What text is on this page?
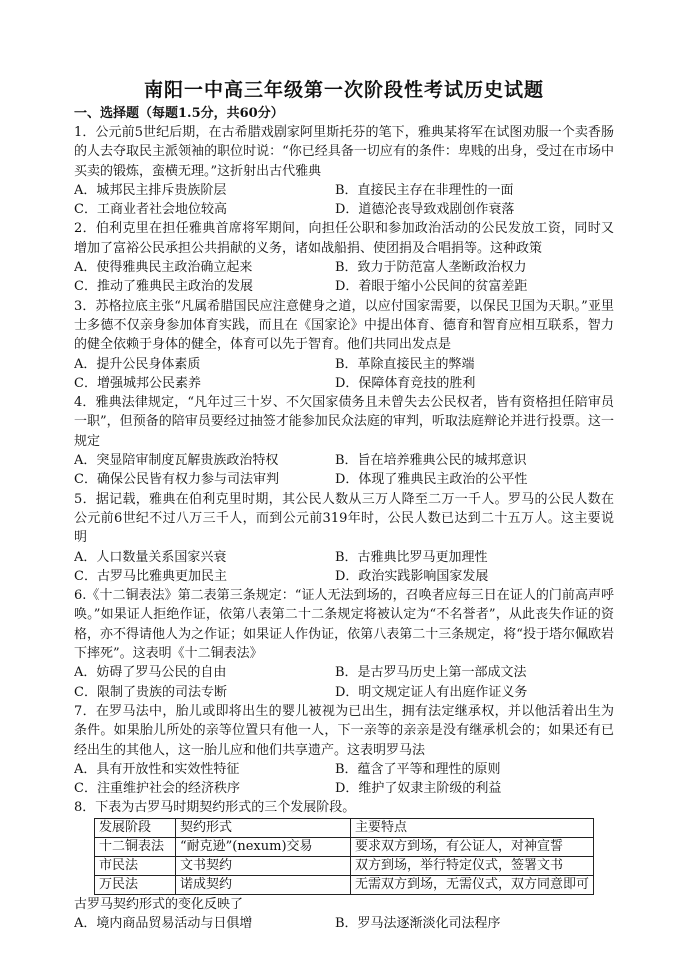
南阳一中高三年级第一次阶段性考试历史试题

一、选择题（每题1.5分，共60分）

1．公元前5世纪后期，在古希腊戏剧家阿里斯托芬的笔下，雅典某将军在试图劝服一个卖香肠的人去夺取民主派领袖的职位时说：“你已经具备一切应有的条件：卑贱的出身，受过在市场中买卖的锻炼，蛮横无理。”这折射出古代雅典

A．城邦民主排斥贵族阶层	B．直接民主存在非理性的一面
C．工商业者社会地位较高	D．道德沦丧导致戏剧创作衰落

2．伯利克里在担任雅典首席将军期间，向担任公职和参加政治活动的公民发放工资，同时又增加了富裕公民承担公共捐献的义务，诸如战船捐、使团捐及合唱捐等。这种政策

A．使得雅典民主政治确立起来	B．致力于防范富人垄断政治权力
C．推动了雅典民主政治的发展	D．着眼于缩小公民间的贫富差距

3．苏格拉底主张“凡属希腊国民应注意健身之道，以应付国家需要，以保民卫国为天职。”亚里士多德不仅亲身参加体育实践，而且在《国家论》中提出体育、德育和智育应相互联系，智力的健全依赖于身体的健全，体育可以先于智育。他们共同出发点是

A．提升公民身体素质	B．革除直接民主的弊端
C．增强城邦公民素养	D．保障体育竞技的胜利

4．雅典法律规定，“凡年过三十岁、不欠国家债务且未曾失去公民权者，皆有资格担任陪审员一职”，但预备的陪审员要经过抽签才能参加民众法庭的审判，听取法庭辩论并进行投票。这一规定

A．突显陪审制度瓦解贵族政治特权	B．旨在培养雅典公民的城邦意识
C．确保公民皆有权力参与司法审判	D．体现了雅典民主政治的公平性

5．据记载，雅典在伯利克里时期，其公民人数从三万人降至二万一千人。罗马的公民人数在公元前6世纪不过八万三千人，而到公元前319年时，公民人数已达到二十五万人。这主要说明

A．人口数量关系国家兴衰	B．古雅典比罗马更加理性
C．古罗马比雅典更加民主	D．政治实践影响国家发展

6.《十二铜表法》第二表第三条规定：“证人无法到场的，召唤者应每三日在证人的门前高声呼唤。”如果证人拒绝作证，依第八表第二十二条规定将被认定为“不名誉者”，从此丧失作证的资格，亦不得请他人为之作证；如果证人作伪证，依第八表第二十三条规定，将“投于塔尔佩欧岩下摔死”。这表明《十二铜表法》

A．妨碍了罗马公民的自由	B．是古罗马历史上第一部成文法
C．限制了贵族的司法专断	D．明文规定证人有出庭作证义务

7．在罗马法中，胎儿或即将出生的婴儿被视为已出生，拥有法定继承权，并以他活着出生为条件。如果胎儿所处的亲等位置只有他一人，下一亲等的亲亲是没有继承机会的；如果还有已经出生的其他人，这一胎儿应和他们共享遗产。这表明罗马法

A．具有开放性和实效性特征	B．蕴含了平等和理性的原则
C．注重维护社会的经济秩序	D．维护了奴隶主阶级的利益

8．下表为古罗马时期契约形式的三个发展阶段。

发展阶段	契约形式	主要特点
十二铜表法	“耐克逊”(nexum)交易	要求双方到场，有公证人，对神宣誓
市民法	文书契约	双方到场，举行特定仪式，签署文书
万民法	诺成契约	无需双方到场，无需仪式，双方同意即可

古罗马契约形式的变化反映了

A．境内商品贸易活动与日俱增	B．罗马法逐渐淡化司法程序
